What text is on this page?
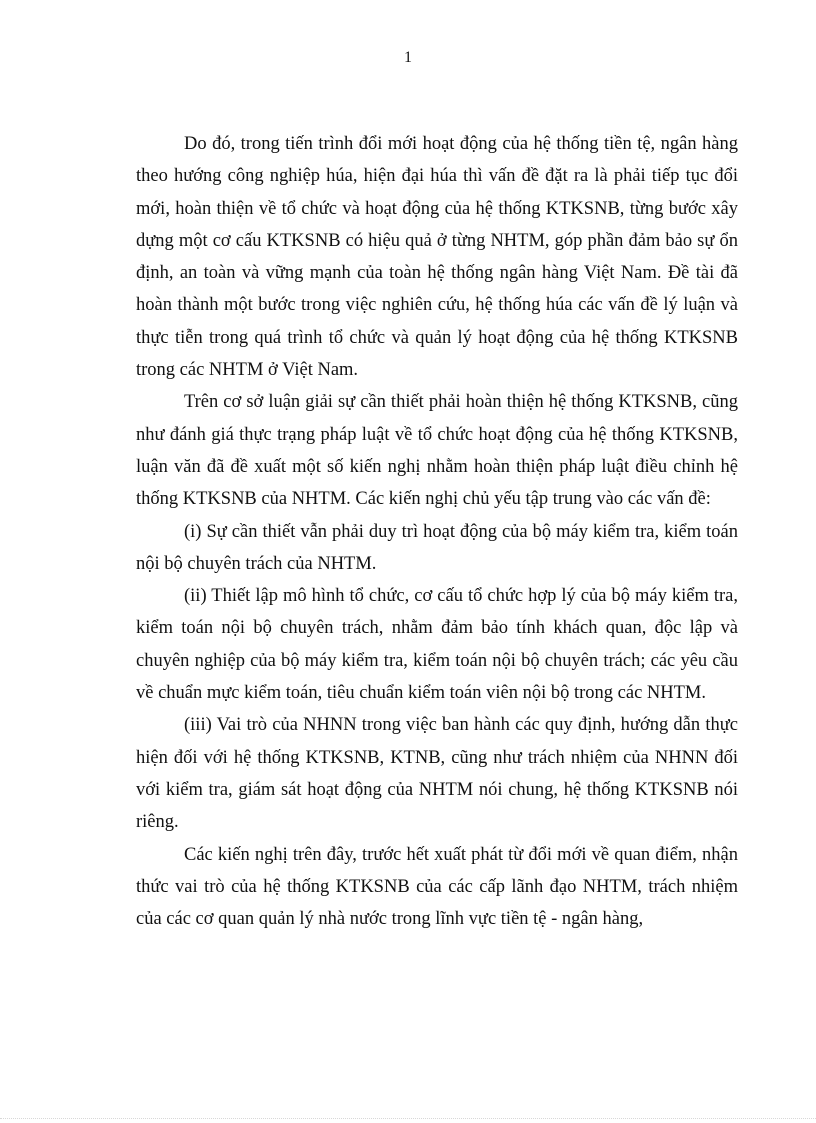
1

Do đó, trong tiến trình đổi mới hoạt động của hệ thống tiền tệ, ngân hàng theo hướng công nghiệp húa, hiện đại húa thì vấn đề đặt ra là phải tiếp tục đổi mới, hoàn thiện về tổ chức và hoạt động của hệ thống KTKSNB, từng bước xây dựng một cơ cấu KTKSNB có hiệu quả ở từng NHTM, góp phần đảm bảo sự ổn định, an toàn và vững mạnh của toàn hệ thống ngân hàng Việt Nam. Đề tài đã hoàn thành một bước trong việc nghiên cứu, hệ thống húa các vấn đề lý luận và thực tiễn trong quá trình tổ chức và quản lý hoạt động của hệ thống KTKSNB trong các NHTM ở Việt Nam.

Trên cơ sở luận giải sự cần thiết phải hoàn thiện hệ thống KTKSNB, cũng như đánh giá thực trạng pháp luật về tổ chức hoạt động của hệ thống KTKSNB, luận văn đã đề xuất một số kiến nghị nhằm hoàn thiện pháp luật điều chỉnh hệ thống KTKSNB của NHTM. Các kiến nghị chủ yếu tập trung vào các vấn đề:

(i) Sự cần thiết vẫn phải duy trì hoạt động của bộ máy kiểm tra, kiểm toán nội bộ chuyên trách của NHTM.

(ii) Thiết lập mô hình tổ chức, cơ cấu tổ chức hợp lý của bộ máy kiểm tra, kiểm toán nội bộ chuyên trách, nhằm đảm bảo tính khách quan, độc lập và chuyên nghiệp của bộ máy kiểm tra, kiểm toán nội bộ chuyên trách; các yêu cầu về chuẩn mực kiểm toán, tiêu chuẩn kiểm toán viên nội bộ trong các NHTM.

(iii) Vai trò của NHNN trong việc ban hành các quy định, hướng dẫn thực hiện đối với hệ thống KTKSNB, KTNB, cũng như trách nhiệm của NHNN đối với kiểm tra, giám sát hoạt động của NHTM nói chung, hệ thống KTKSNB nói riêng.

Các kiến nghị trên đây, trước hết xuất phát từ đổi mới về quan điểm, nhận thức vai trò của hệ thống KTKSNB của các cấp lãnh đạo NHTM, trách nhiệm của các cơ quan quản lý nhà nước trong lĩnh vực tiền tệ - ngân hàng,
